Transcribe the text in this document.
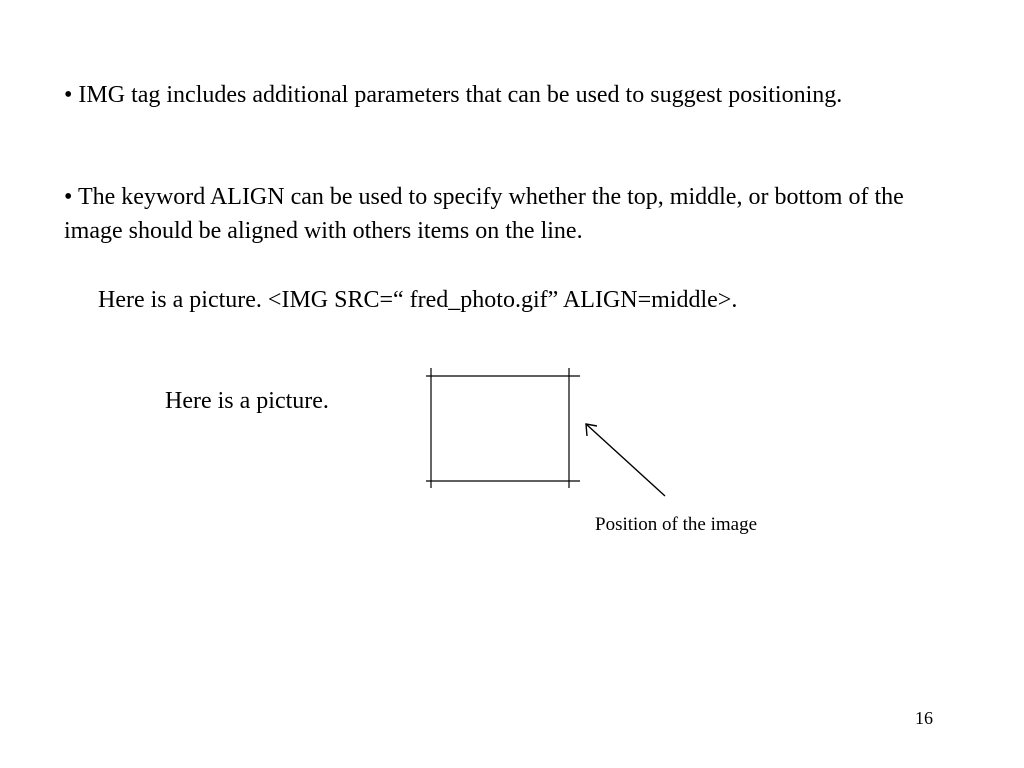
• IMG tag includes additional parameters that can be used to suggest positioning.
• The keyword ALIGN can be used to specify whether the top, middle, or bottom of the image should be aligned with others items on the line.
Here is a picture. <IMG SRC=“ fred_photo.gif” ALIGN=middle>.
Here is a picture.
Position of the image
16
